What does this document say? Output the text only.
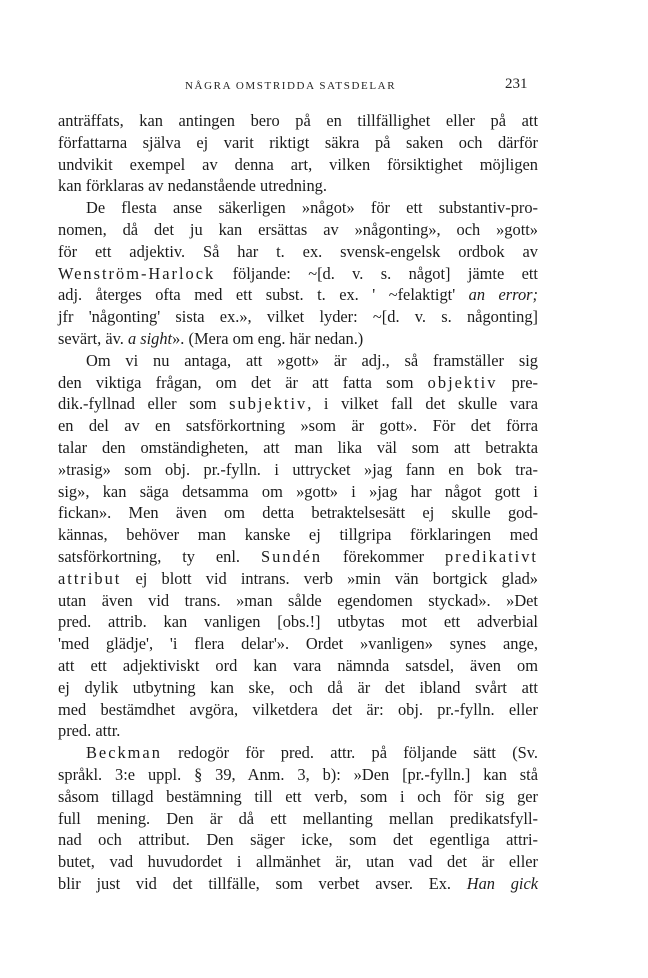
NÅGRA OMSTRIDDA SATSDELAR	231
anträffats, kan antingen bero på en tillfällighet eller på att
författarna själva ej varit riktigt säkra på saken och därför
undvikit exempel av denna art, vilken försiktighet möjligen
kan förklaras av nedanstående utredning.
De flesta anse säkerligen »något» för ett substantiv-pro-
nomen, då det ju kan ersättas av »någonting», och »gott»
för ett adjektiv. Så har t. ex. svensk-engelsk ordbok av
Wenström-Harlock följande: ~[d. v. s. något] jämte ett
adj. återges ofta med ett subst. t. ex. ' ~felaktigt' an error;
jfr 'någonting' sista ex.», vilket lyder: ~[d. v. s. någonting]
sevärt, äv. a sight». (Mera om eng. här nedan.)
Om vi nu antaga, att »gott» är adj., så framställer sig
den viktiga frågan, om det är att fatta som objektiv pre-
dik.-fyllnad eller som subjektiv, i vilket fall det skulle vara
en del av en satsförkortning »som är gott». För det förra
talar den omständigheten, att man lika väl som att betrakta
»trasig» som obj. pr.-fylln. i uttrycket »jag fann en bok tra-
sig», kan säga detsamma om »gott» i »jag har något gott i
fickan». Men även om detta betraktelsesätt ej skulle god-
kännas, behöver man kanske ej tillgripa förklaringen med
satsförkortning, ty enl. Sundén förekommer predikativt
attribut ej blott vid intrans. verb »min vän bortgick glad»
utan även vid trans. »man sålde egendomen styckad». »Det
pred. attrib. kan vanligen [obs.!] utbytas mot ett adverbial
'med glädje', 'i flera delar'». Ordet »vanligen» synes ange,
att ett adjektiviskt ord kan vara nämnda satsdel, även om
ej dylik utbytning kan ske, och då är det ibland svårt att
med bestämdhet avgöra, vilketdera det är: obj. pr.-fylln. eller
pred. attr.
Beckman redogör för pred. attr. på följande sätt (Sv.
språkl. 3:e uppl. § 39, Anm. 3, b): »Den [pr.-fylln.] kan stå
såsom tillagd bestämning till ett verb, som i och för sig ger
full mening. Den är då ett mellanting mellan predikatsfyll-
nad och attribut. Den säger icke, som det egentliga attri-
butet, vad huvudordet i allmänhet är, utan vad det är eller
blir just vid det tillfälle, som verbet avser. Ex. Han gick
